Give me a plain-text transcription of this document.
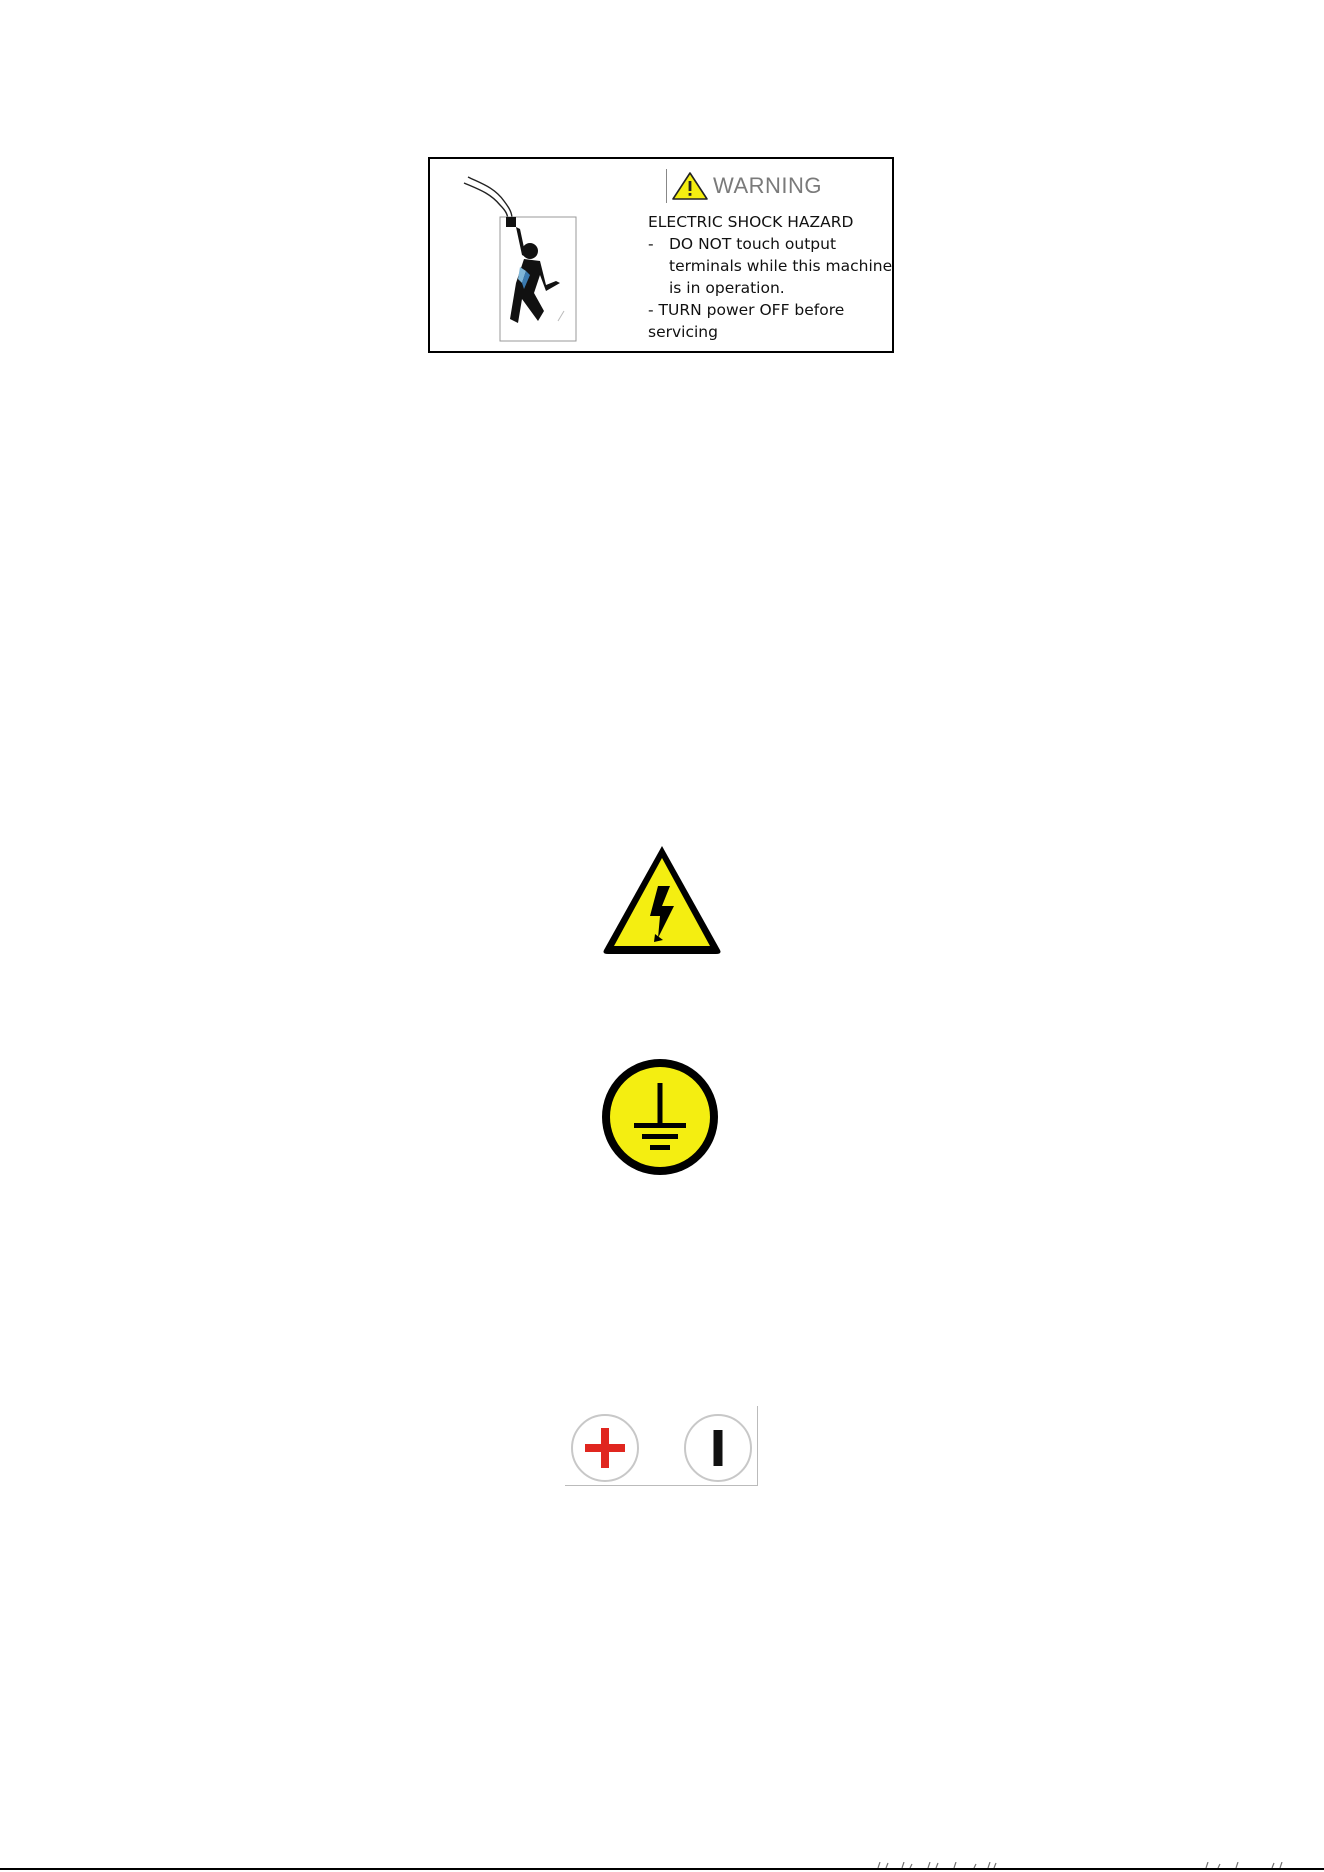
WARNING
ELECTRIC SHOCK HAZARD
- DO NOT touch output
terminals while this machine
is in operation.
- TURN power OFF before
servicing
